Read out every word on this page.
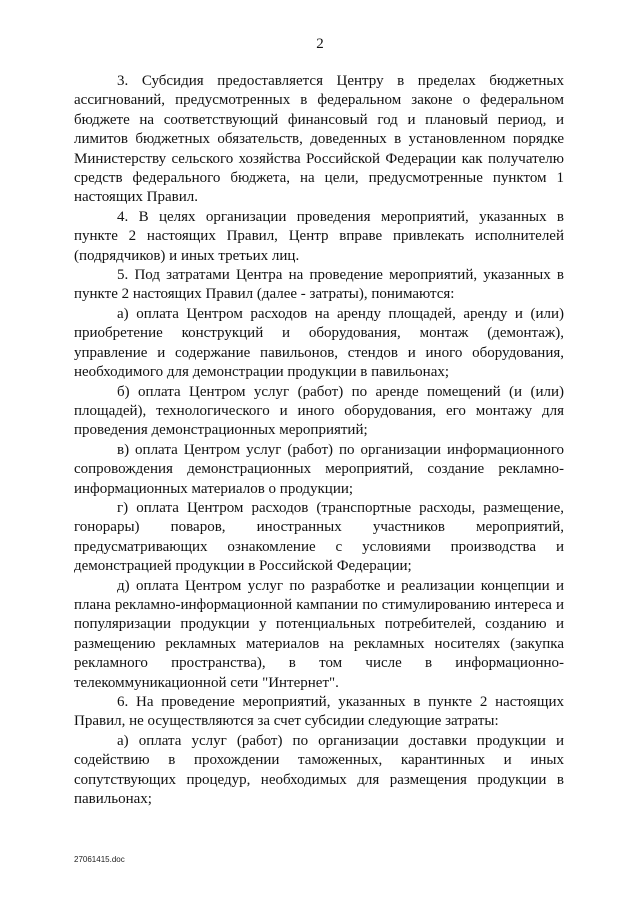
2

3. Субсидия предоставляется Центру в пределах бюджетных ассигнований, предусмотренных в федеральном законе о федеральном бюджете на соответствующий финансовый год и плановый период, и лимитов бюджетных обязательств, доведенных в установленном порядке Министерству сельского хозяйства Российской Федерации как получателю средств федерального бюджета, на цели, предусмотренные пунктом 1 настоящих Правил.

4. В целях организации проведения мероприятий, указанных в пункте 2 настоящих Правил, Центр вправе привлекать исполнителей (подрядчиков) и иных третьих лиц.

5. Под затратами Центра на проведение мероприятий, указанных в пункте 2 настоящих Правил (далее - затраты), понимаются:

а) оплата Центром расходов на аренду площадей, аренду и (или) приобретение конструкций и оборудования, монтаж (демонтаж), управление и содержание павильонов, стендов и иного оборудования, необходимого для демонстрации продукции в павильонах;

б) оплата Центром услуг (работ) по аренде помещений (и (или) площадей), технологического и иного оборудования, его монтажу для проведения демонстрационных мероприятий;

в) оплата Центром услуг (работ) по организации информационного сопровождения демонстрационных мероприятий, создание рекламно-информационных материалов о продукции;

г) оплата Центром расходов (транспортные расходы, размещение, гонорары) поваров, иностранных участников мероприятий, предусматривающих ознакомление с условиями производства и демонстрацией продукции в Российской Федерации;

д) оплата Центром услуг по разработке и реализации концепции и плана рекламно-информационной кампании по стимулированию интереса и популяризации продукции у потенциальных потребителей, созданию и размещению рекламных материалов на рекламных носителях (закупка рекламного пространства), в том числе в информационно-телекоммуникационной сети "Интернет".

6. На проведение мероприятий, указанных в пункте 2 настоящих Правил, не осуществляются за счет субсидии следующие затраты:

а) оплата услуг (работ) по организации доставки продукции и содействию в прохождении таможенных, карантинных и иных сопутствующих процедур, необходимых для размещения продукции в павильонах;

27061415.doc
